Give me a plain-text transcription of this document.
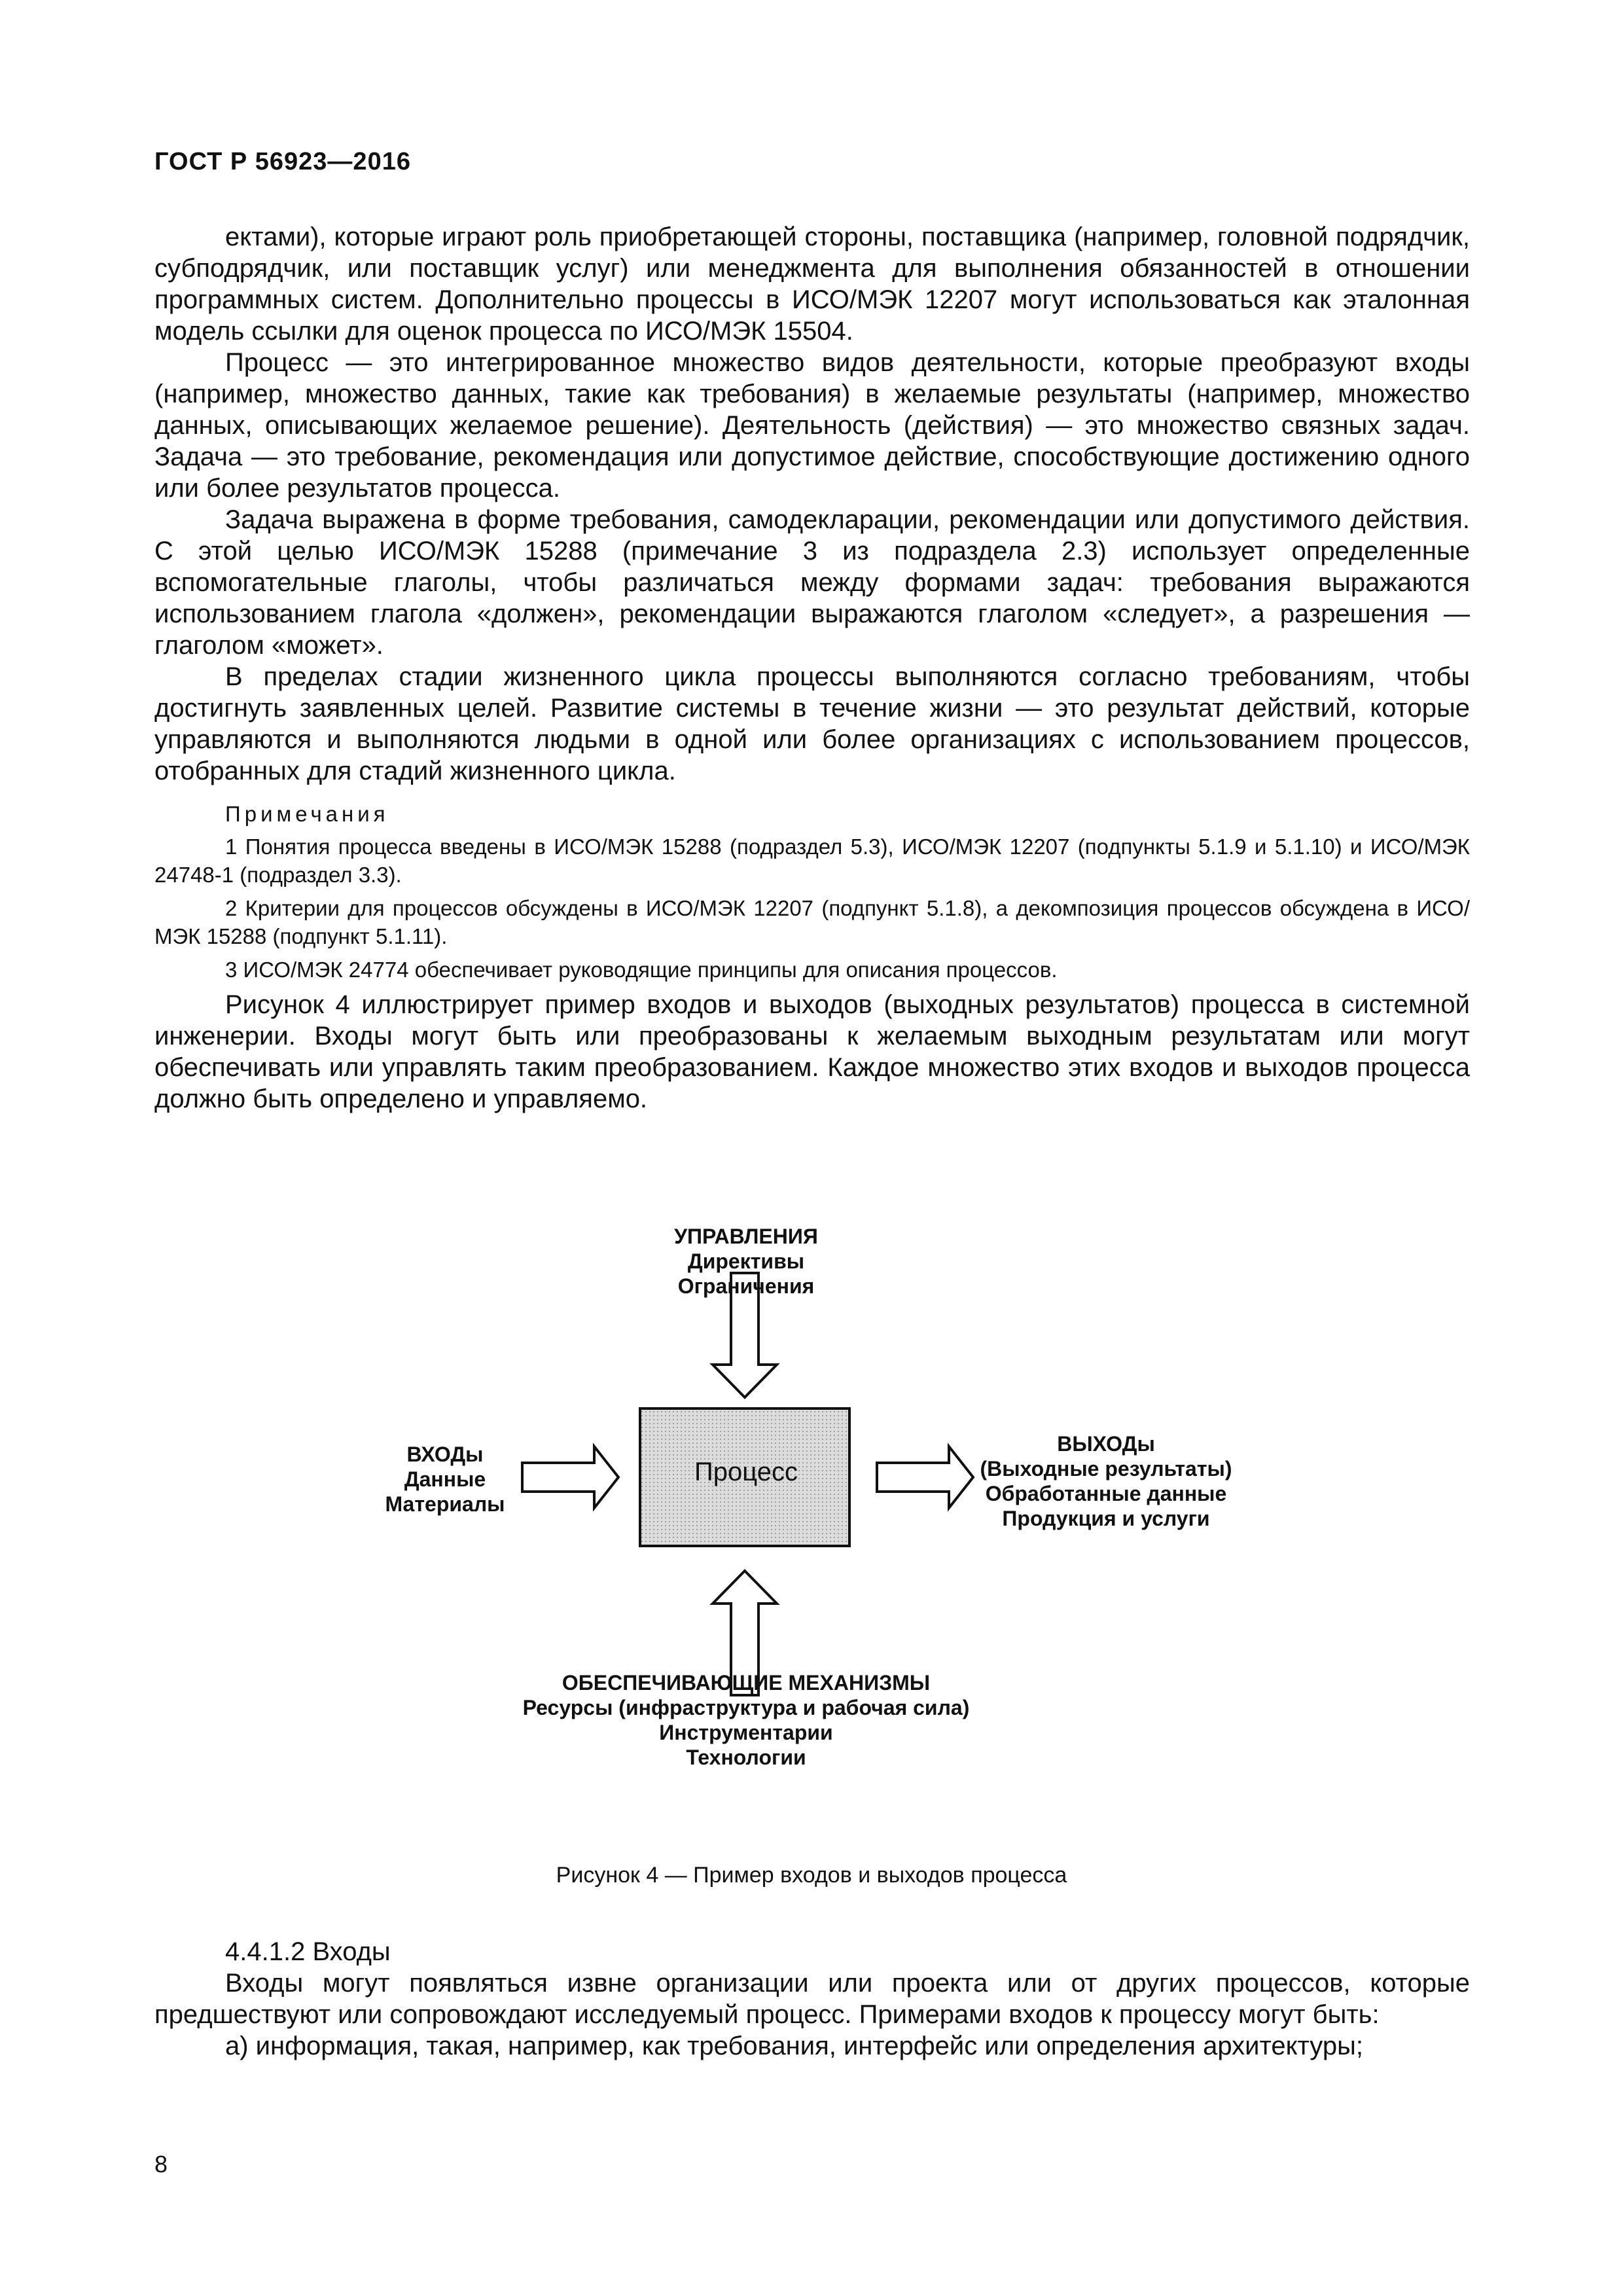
ГОСТ Р 56923—2016

ектами), которые играют роль приобретающей стороны, поставщика (например, головной подрядчик, субподрядчик, или поставщик услуг) или менеджмента для выполнения обязанностей в отношении программных систем. Дополнительно процессы в ИСО/МЭК 12207 могут использоваться как эталонная модель ссылки для оценок процесса по ИСО/МЭК 15504.

Процесс — это интегрированное множество видов деятельности, которые преобразуют входы (например, множество данных, такие как требования) в желаемые результаты (например, множество данных, описывающих желаемое решение). Деятельность (действия) — это множество связных задач. Задача — это требование, рекомендация или допустимое действие, способствующие достижению одного или более результатов процесса.

Задача выражена в форме требования, самодекларации, рекомендации или допустимого действия. С этой целью ИСО/МЭК 15288 (примечание 3 из подраздела 2.3) использует определенные вспомогательные глаголы, чтобы различаться между формами задач: требования выражаются использованием глагола «должен», рекомендации выражаются глаголом «следует», а разрешения — глаголом «может».

В пределах стадии жизненного цикла процессы выполняются согласно требованиям, чтобы достигнуть заявленных целей. Развитие системы в течение жизни — это результат действий, которые управляются и выполняются людьми в одной или более организациях с использованием процессов, отобранных для стадий жизненного цикла.

Примечания
1 Понятия процесса введены в ИСО/МЭК 15288 (подраздел 5.3), ИСО/МЭК 12207 (подпункты 5.1.9 и 5.1.10) и ИСО/МЭК 24748-1 (подраздел 3.3).
2 Критерии для процессов обсуждены в ИСО/МЭК 12207 (подпункт 5.1.8), а декомпозиция процессов обсуждена в ИСО/МЭК 15288 (подпункт 5.1.11).
3 ИСО/МЭК 24774 обеспечивает руководящие принципы для описания процессов.

Рисунок 4 иллюстрирует пример входов и выходов (выходных результатов) процесса в системной инженерии. Входы могут быть или преобразованы к желаемым выходным результатам или могут обеспечивать или управлять таким преобразованием. Каждое множество этих входов и выходов процесса должно быть определено и управляемо.

Процесс
УПРАВЛЕНИЯ
Директивы
Ограничения
ВХОДы
Данные
Материалы
ВЫХОДы
(Выходные результаты)
Обработанные данные
Продукция и услуги
ОБЕСПЕЧИВАЮЩИЕ МЕХАНИЗМЫ
Ресурсы (инфраструктура и рабочая сила)
Инструментарии
Технологии
Рисунок 4 — Пример входов и выходов процесса

4.4.1.2 Входы

Входы могут появляться извне организации или проекта или от других процессов, которые предшествуют или сопровождают исследуемый процесс. Примерами входов к процессу могут быть:

а) информация, такая, например, как требования, интерфейс или определения архитектуры;

8
